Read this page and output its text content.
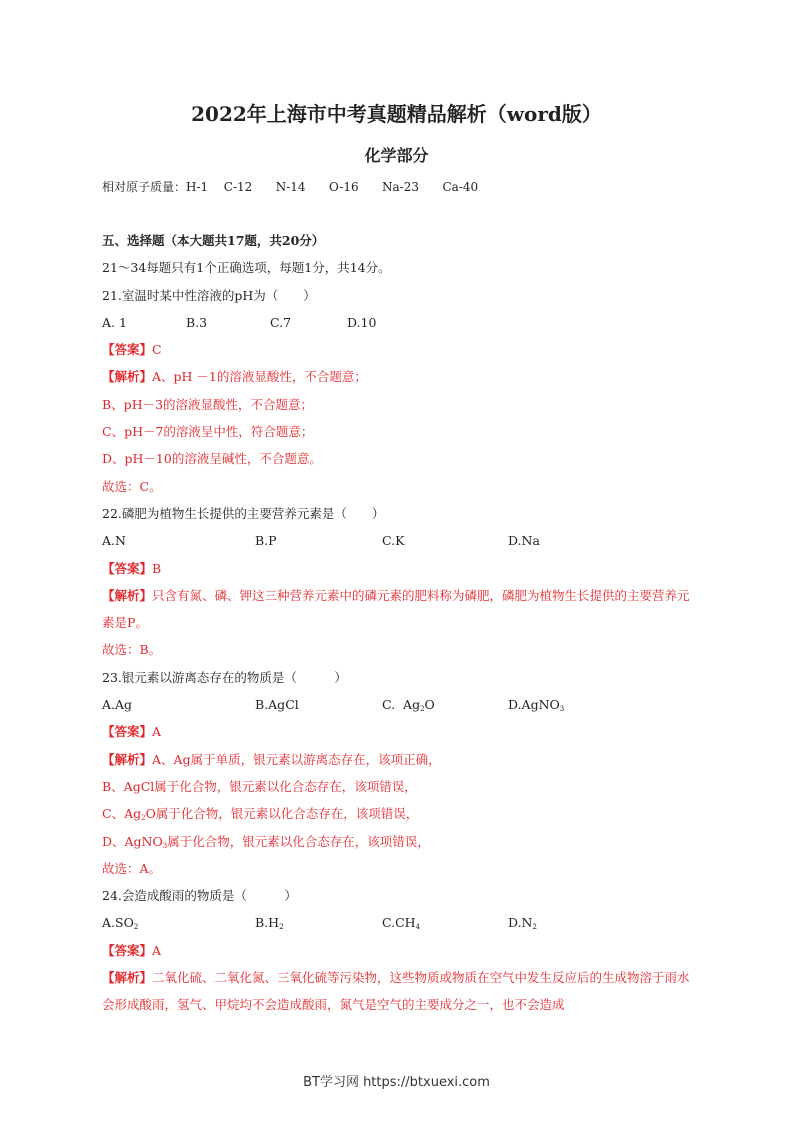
2022年上海市中考真题精品解析（word版）
化学部分
相对原子质量：H-1  C-12   N-14   O-16   Na-23   Ca-40
五、选择题（本大题共17题，共20分）
21～34每题只有1个正确选项，每题1分，共14分。
21.室温时某中性溶液的pH为（　　）
A. 1	B.3	C.7	D.10
【答案】C
【解析】A、pH －1的溶液显酸性，不合题意；
B、pH－3的溶液显酸性，不合题意；
C、pH－7的溶液呈中性，符合题意；
D、pH－10的溶液呈碱性，不合题意。
故选：C。
22.磷肥为植物生长提供的主要营养元素是（　　）
A.N	B.P	C.K	D.Na
【答案】B
【解析】只含有氮、磷、钾这三种营养元素中的磷元素的肥料称为磷肥，磷肥为植物生长提供的主要营养元素是P。
故选：B。
23.银元素以游离态存在的物质是（　　　）
A.Ag	B.AgCl	C.  $Ag_2O$	D.AgNO$_3$
【答案】A
【解析】A、Ag属于单质，银元素以游离态存在，该项正确，
B、AgCl属于化合物，银元素以化合态存在，该项错误，
C、$Ag_2O$属于化合物，银元素以化合态存在，该项错误，
D、AgNO$_3$属于化合物，银元素以化合态存在，该项错误，
故选：A。
24.会造成酸雨的物质是（　　　）
$A.SO_2$	$B.H_2$	$C.CH_4$	$D.N_2$
【答案】A
【解析】二氧化硫、二氧化氮、三氧化硫等污染物，这些物质或物质在空气中发生反应后的生成物溶于雨水会形成酸雨，氢气、甲烷均不会造成酸雨，氮气是空气的主要成分之一，也不会造成
BT学习网 https://btxuexi.com
